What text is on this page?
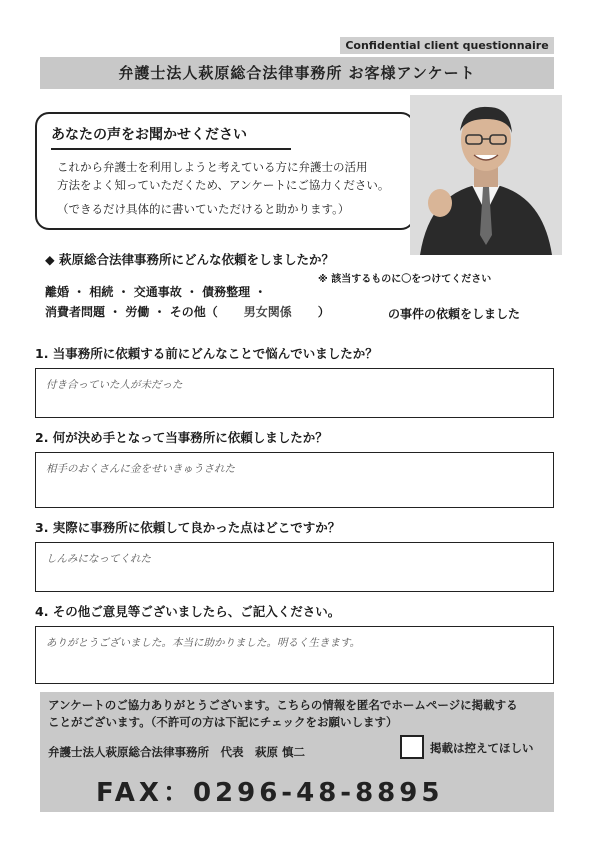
Confidential client questionnaire
弁護士法人萩原総合法律事務所 お客様アンケート

あなたの声をお聞かせください

これから弁護士を利用しようと考えている方に弁護士の活用

方法をよく知っていただくため、アンケートにご協力ください。

（できるだけ具体的に書いていただけると助かります。）

◆ 萩原総合法律事務所にどんな依頼をしましたか？
※ 該当するものに〇をつけてください
離婚 ・ 相続 ・ 交通事故 ・ 債務整理 ・
消費者問題 ・ 労働 ・ その他（ 男女関係 ）	の事件の依頼をしました
1. 当事務所に依頼する前にどんなことで悩んでいましたか？
付き合っていた人が未だった
2. 何が決め手となって当事務所に依頼しましたか？
相手のおくさんに金をせいきゅうされた
3. 実際に事務所に依頼して良かった点はどこですか？
しんみになってくれた
4. その他ご意見等ございましたら、ご記入ください。
ありがとうございました。本当に助かりました。明るく生きます。
アンケートのご協力ありがとうございます。こちらの情報を匿名でホームページに掲載する
ことがございます。（不許可の方は下記にチェックをお願いします）
弁護士法人萩原総合法律事務所　代表　萩原 慎二	掲載は控えてほしい
FAX：0296-48-8895
